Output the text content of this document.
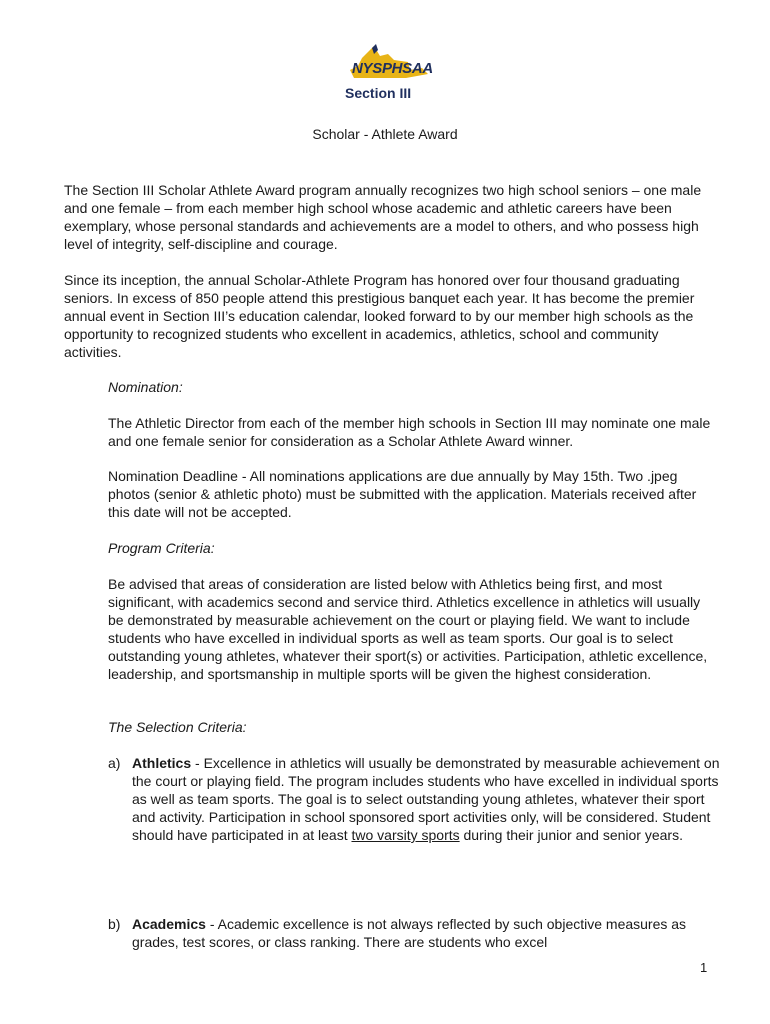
NYSPHSAA
Section III
Scholar - Athlete Award

The Section III Scholar Athlete Award program annually recognizes two high school seniors – one male and one female – from each member high school whose academic and athletic careers have been exemplary, whose personal standards and achievements are a model to others, and who possess high level of integrity, self-discipline and courage.

Since its inception, the annual Scholar-Athlete Program has honored over four thousand graduating seniors. In excess of 850 people attend this prestigious banquet each year. It has become the premier annual event in Section III’s education calendar, looked forward to by our member high schools as the opportunity to recognized students who excellent in academics, athletics, school and community activities.

Nomination:

The Athletic Director from each of the member high schools in Section III may nominate one male and one female senior for consideration as a Scholar Athlete Award winner.

Nomination Deadline - All nominations applications are due annually by May 15th. Two .jpeg photos (senior & athletic photo) must be submitted with the application. Materials received after this date will not be accepted.

Program Criteria:

Be advised that areas of consideration are listed below with Athletics being first, and most significant, with academics second and service third. Athletics excellence in athletics will usually be demonstrated by measurable achievement on the court or playing field. We want to include students who have excelled in individual sports as well as team sports. Our goal is to select outstanding young athletes, whatever their sport(s) or activities. Participation, athletic excellence, leadership, and sportsmanship in multiple sports will be given the highest consideration.

The Selection Criteria:

a) Athletics - Excellence in athletics will usually be demonstrated by measurable achievement on the court or playing field. The program includes students who have excelled in individual sports as well as team sports. The goal is to select outstanding young athletes, whatever their sport and activity. Participation in school sponsored sport activities only, will be considered. Student should have participated in at least two varsity sports during their junior and senior years.

b) Academics - Academic excellence is not always reflected by such objective measures as grades, test scores, or class ranking. There are students who excel

1
